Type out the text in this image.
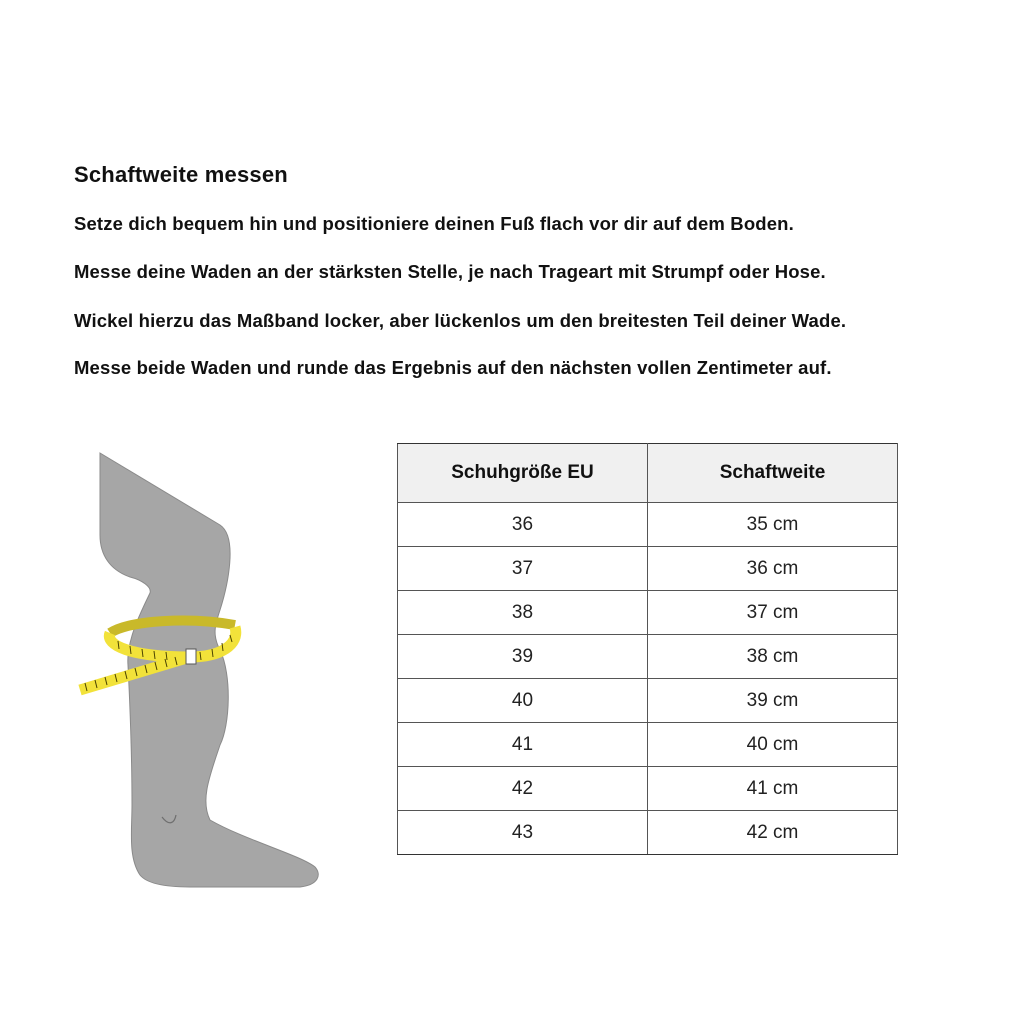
Schaftweite messen

Setze dich bequem hin und positioniere deinen Fuß flach vor dir auf dem Boden.

Messe deine Waden an der stärksten Stelle, je nach Trageart mit Strumpf oder Hose.

Wickel hierzu das Maßband locker, aber lückenlos um den breitesten Teil deiner Wade.

Messe beide Waden und runde das Ergebnis auf den nächsten vollen Zentimeter auf.

Schuhgröße EU	Schaftweite
36	35 cm
37	36 cm
38	37 cm
39	38 cm
40	39 cm
41	40 cm
42	41 cm
43	42 cm
